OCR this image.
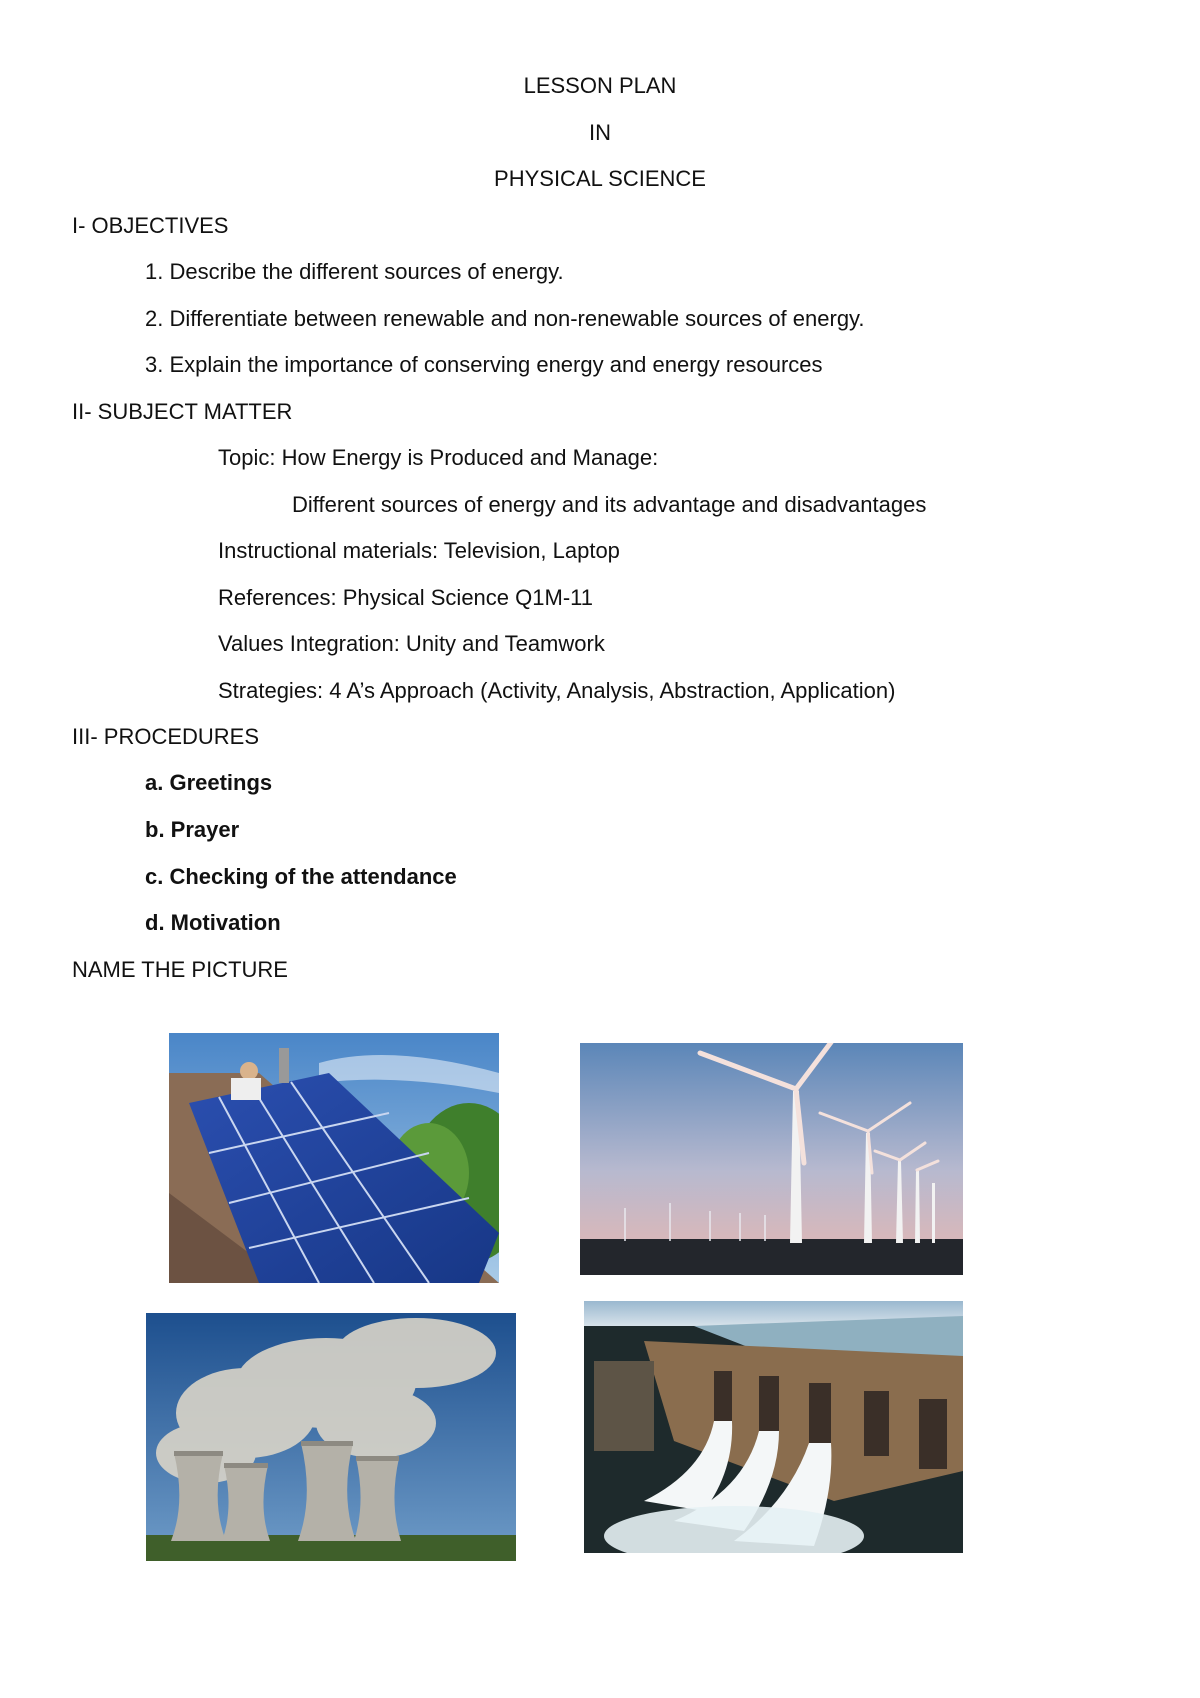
LESSON PLAN
IN
PHYSICAL SCIENCE
I- OBJECTIVES
1. Describe the different sources of energy.
2. Differentiate between renewable and non-renewable sources of energy.
3. Explain the importance of conserving energy and energy resources
II- SUBJECT MATTER
Topic: How Energy is Produced and Manage:
Different sources of energy and its advantage and disadvantages
Instructional materials: Television, Laptop
References: Physical Science Q1M-11
Values Integration: Unity and Teamwork
Strategies: 4 A’s Approach (Activity, Analysis, Abstraction, Application)
III- PROCEDURES
a. Greetings
b. Prayer
c. Checking of the attendance
d. Motivation
NAME THE PICTURE
